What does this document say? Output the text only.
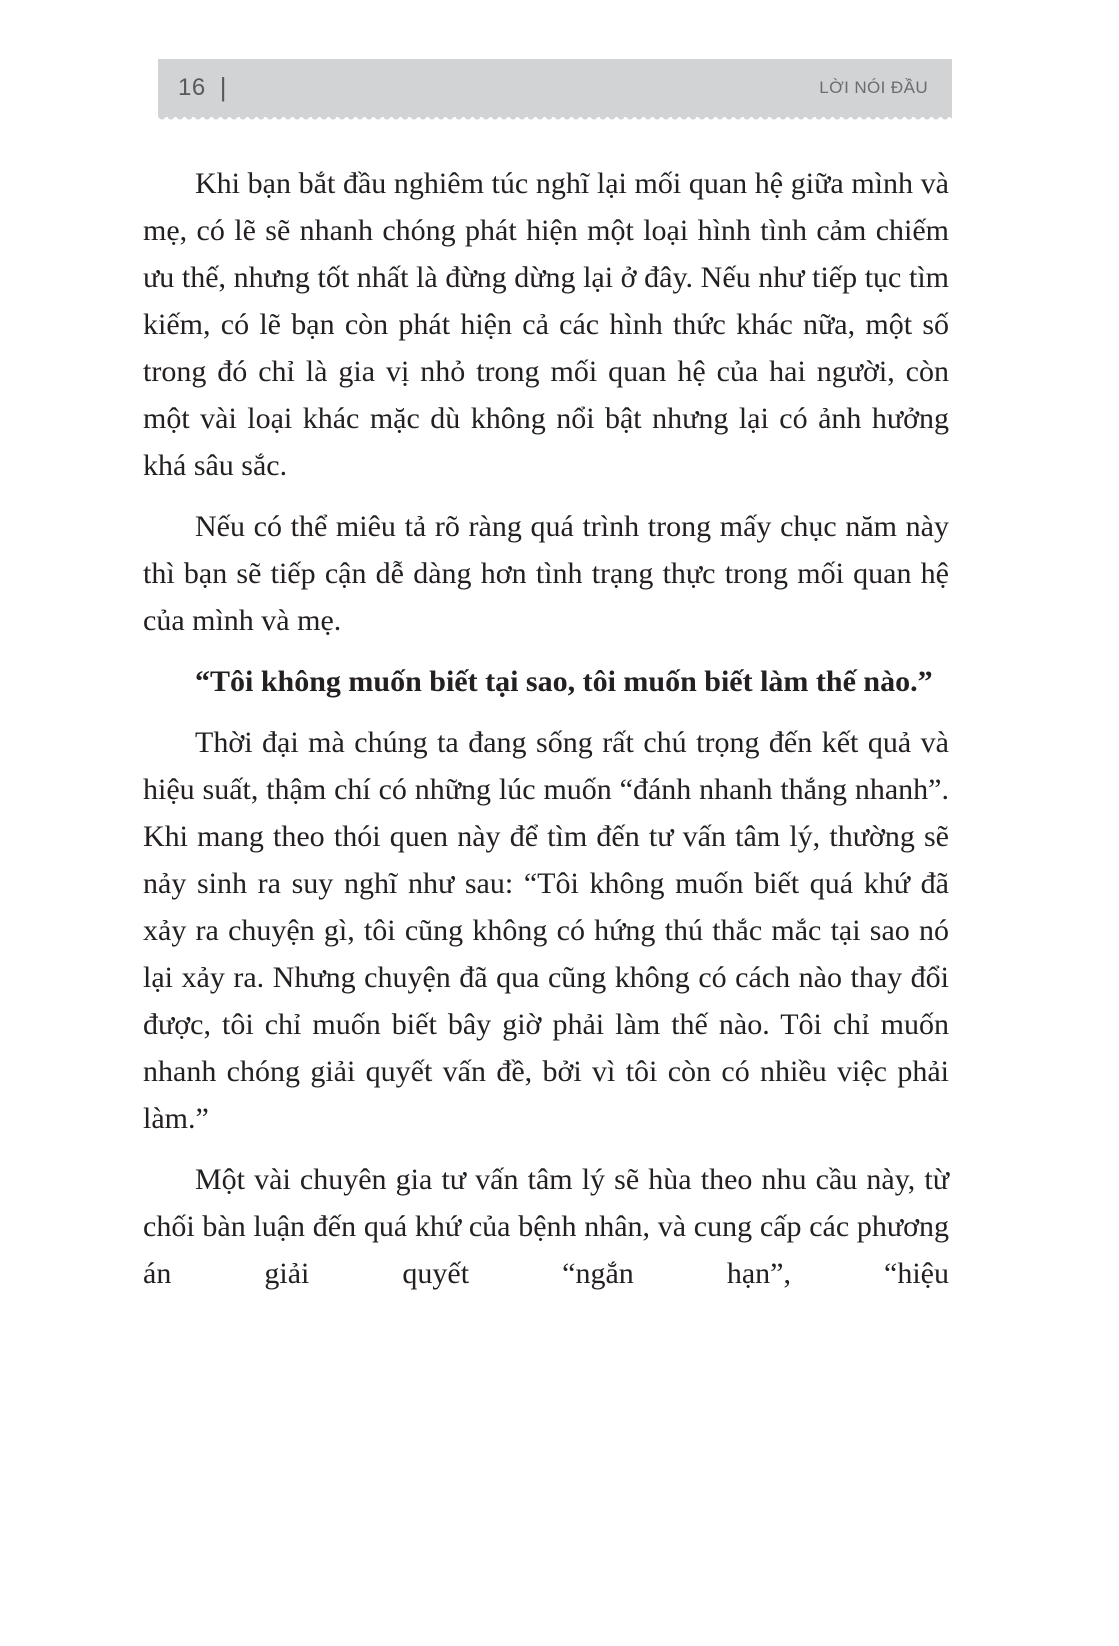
16 |	LỜI NÓI ĐẦU

Khi bạn bắt đầu nghiêm túc nghĩ lại mối quan hệ giữa mình và mẹ, có lẽ sẽ nhanh chóng phát hiện một loại hình tình cảm chiếm ưu thế, nhưng tốt nhất là đừng dừng lại ở đây. Nếu như tiếp tục tìm kiếm, có lẽ bạn còn phát hiện cả các hình thức khác nữa, một số trong đó chỉ là gia vị nhỏ trong mối quan hệ của hai người, còn một vài loại khác mặc dù không nổi bật nhưng lại có ảnh hưởng khá sâu sắc.

Nếu có thể miêu tả rõ ràng quá trình trong mấy chục năm này thì bạn sẽ tiếp cận dễ dàng hơn tình trạng thực trong mối quan hệ của mình và mẹ.

“Tôi không muốn biết tại sao, tôi muốn biết làm thế nào.”

Thời đại mà chúng ta đang sống rất chú trọng đến kết quả và hiệu suất, thậm chí có những lúc muốn “đánh nhanh thắng nhanh”. Khi mang theo thói quen này để tìm đến tư vấn tâm lý, thường sẽ nảy sinh ra suy nghĩ như sau: “Tôi không muốn biết quá khứ đã xảy ra chuyện gì, tôi cũng không có hứng thú thắc mắc tại sao nó lại xảy ra. Nhưng chuyện đã qua cũng không có cách nào thay đổi được, tôi chỉ muốn biết bây giờ phải làm thế nào. Tôi chỉ muốn nhanh chóng giải quyết vấn đề, bởi vì tôi còn có nhiều việc phải làm.”

Một vài chuyên gia tư vấn tâm lý sẽ hùa theo nhu cầu này, từ chối bàn luận đến quá khứ của bệnh nhân, và cung cấp các phương án giải quyết “ngắn hạn”, “hiệu
